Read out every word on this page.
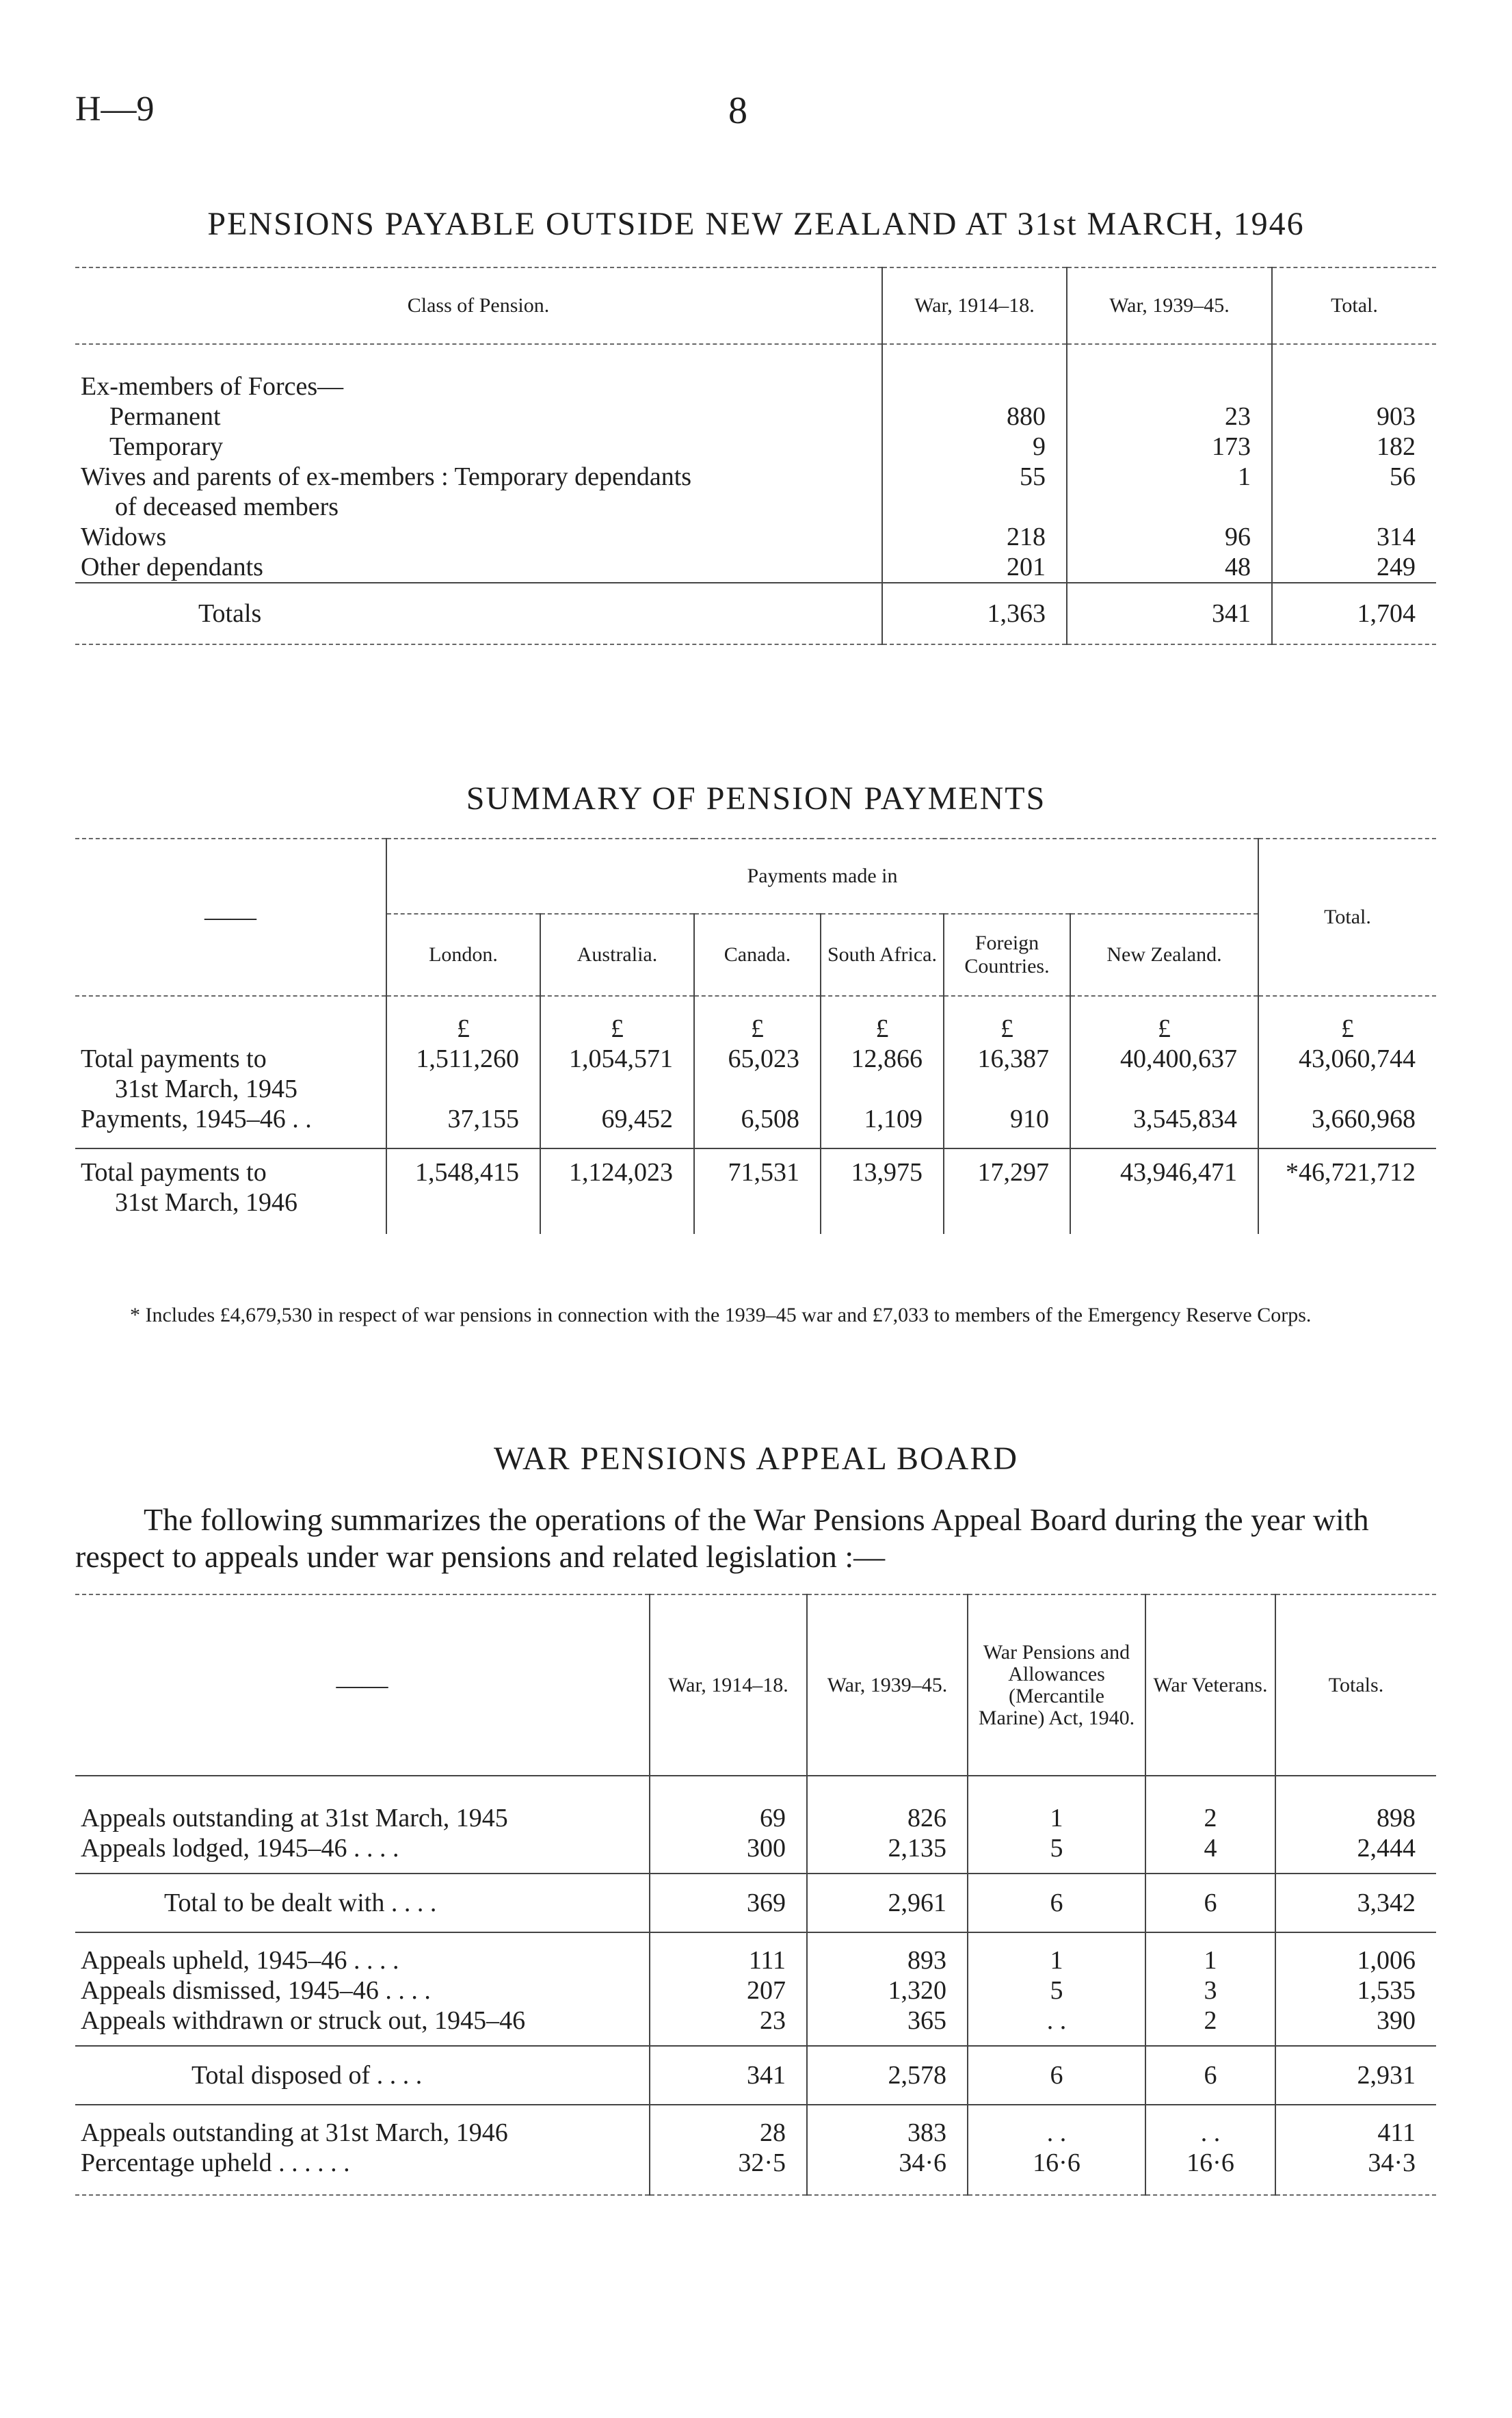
H—9	8
PENSIONS PAYABLE OUTSIDE NEW ZEALAND AT 31st MARCH, 1946
Class of Pension.	War, 1914–18.	War, 1939–45.	Total.

Ex-members of Forces—			
Permanent	880	23	903
Temporary	9	173	182

Wives and parents of ex-members : Temporary dependants
of deceased members	55	1	56
Widows	218	96	314
Other dependants	201	48	249
Totals	1,363	341	1,704
SUMMARY OF PENSION PAYMENTS
——	Payments made in						Total.
	London.	Australia.	Canada.	South Africa.	Foreign Countries.	New Zealand.	
	£	£	£	£	£	£	£

Total payments to
31st March, 1945	1,511,260	1,054,571	65,023	12,866	16,387	40,400,637	43,060,744
Payments, 1945–46 . .	37,155	69,452	6,508	1,109	910	3,545,834	3,660,968

Total payments to
31st March, 1946	1,548,415	1,124,023	71,531	13,975	17,297	43,946,471	*46,721,712
* Includes £4,679,530 in respect of war pensions in connection with the 1939–45 war and £7,033 to members of the Emergency Reserve Corps.
WAR PENSIONS APPEAL BOARD
The following summarizes the operations of the War Pensions Appeal Board during the year with respect to appeals under war pensions and related legislation :—
——	War, 1914–18.	War, 1939–45.	War Pensions and Allowances (Mercantile Marine) Act, 1940.	War Veterans.	Totals.

Appeals outstanding at 31st March, 1945	69	826	1	2	898
Appeals lodged, 1945–46 . . . .	300	2,135	5	4	2,444
Total to be dealt with . . . .	369	2,961	6	6	3,342
Appeals upheld, 1945–46 . . . .	111	893	1	1	1,006
Appeals dismissed, 1945–46 . . . .	207	1,320	5	3	1,535
Appeals withdrawn or struck out, 1945–46	23	365	. .	2	390
Total disposed of . . . .	341	2,578	6	6	2,931
Appeals outstanding at 31st March, 1946	28	383	. .	. .	411
Percentage upheld . . . . . .	32·5	34·6	16·6	16·6	34·3
